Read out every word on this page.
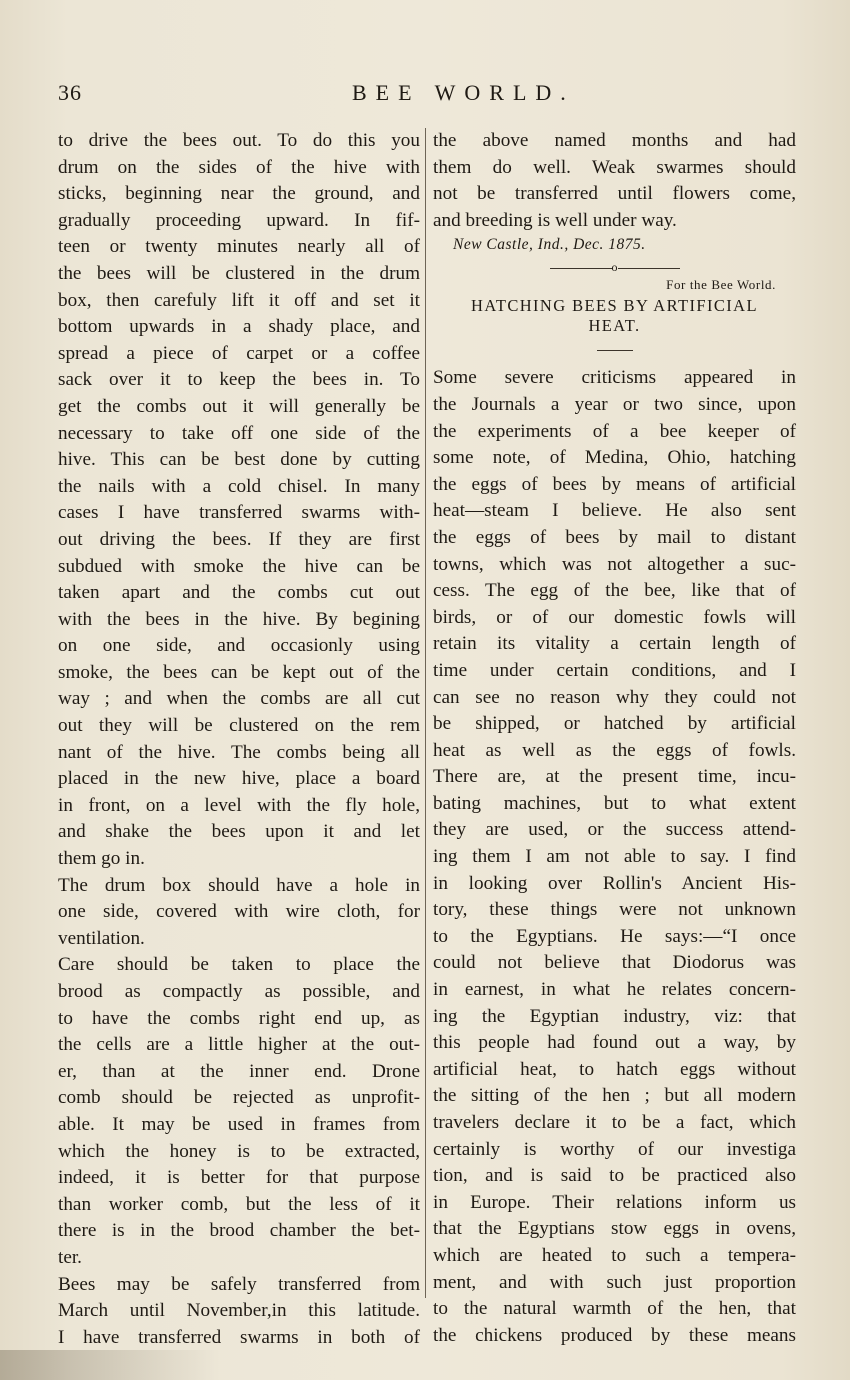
36	BEE WORLD.
to drive the bees out. To do this you
drum on the sides of the hive with
sticks, beginning near the ground, and
gradually proceeding upward. In fif-
teen or twenty minutes nearly all of
the bees will be clustered in the drum
box, then carefuly lift it off and set it
bottom upwards in a shady place, and
spread a piece of carpet or a coffee
sack over it to keep the bees in. To
get the combs out it will generally be
necessary to take off one side of the
hive. This can be best done by cutting
the nails with a cold chisel. In many
cases I have transferred swarms with-
out driving the bees. If they are first
subdued with smoke the hive can be
taken apart and the combs cut out
with the bees in the hive. By begining
on one side, and occasionly using
smoke, the bees can be kept out of the
way ; and when the combs are all cut
out they will be clustered on the rem
nant of the hive. The combs being all
placed in the new hive, place a board
in front, on a level with the fly hole,
and shake the bees upon it and let
them go in.
The drum box should have a hole in
one side, covered with wire cloth, for
ventilation.
Care should be taken to place the
brood as compactly as possible, and
to have the combs right end up, as
the cells are a little higher at the out-
er, than at the inner end. Drone
comb should be rejected as unprofit-
able. It may be used in frames from
which the honey is to be extracted,
indeed, it is better for that purpose
than worker comb, but the less of it
there is in the brood chamber the bet-
ter.
Bees may be safely transferred from
March until November,in this latitude.
I have transferred swarms in both of
the above named months and had
them do well. Weak swarmes should
not be transferred until flowers come,
and breeding is well under way.
New Castle, Ind., Dec. 1875.
o
For the Bee World.
HATCHING BEES BY ARTIFICIAL
HEAT.
Some severe criticisms appeared in
the Journals a year or two since, upon
the experiments of a bee keeper of
some note, of Medina, Ohio, hatching
the eggs of bees by means of artificial
heat—steam I believe. He also sent
the eggs of bees by mail to distant
towns, which was not altogether a suc-
cess. The egg of the bee, like that of
birds, or of our domestic fowls will
retain its vitality a certain length of
time under certain conditions, and I
can see no reason why they could not
be shipped, or hatched by artificial
heat as well as the eggs of fowls.
There are, at the present time, incu-
bating machines, but to what extent
they are used, or the success attend-
ing them I am not able to say. I find
in looking over Rollin's Ancient His-
tory, these things were not unknown
to the Egyptians. He says:—“I once
could not believe that Diodorus was
in earnest, in what he relates concern-
ing the Egyptian industry, viz: that
this people had found out a way, by
artificial heat, to hatch eggs without
the sitting of the hen ; but all modern
travelers declare it to be a fact, which
certainly is worthy of our investiga
tion, and is said to be practiced also
in Europe. Their relations inform us
that the Egyptians stow eggs in ovens,
which are heated to such a tempera-
ment, and with such just proportion
to the natural warmth of the hen, that
the chickens produced by these means
